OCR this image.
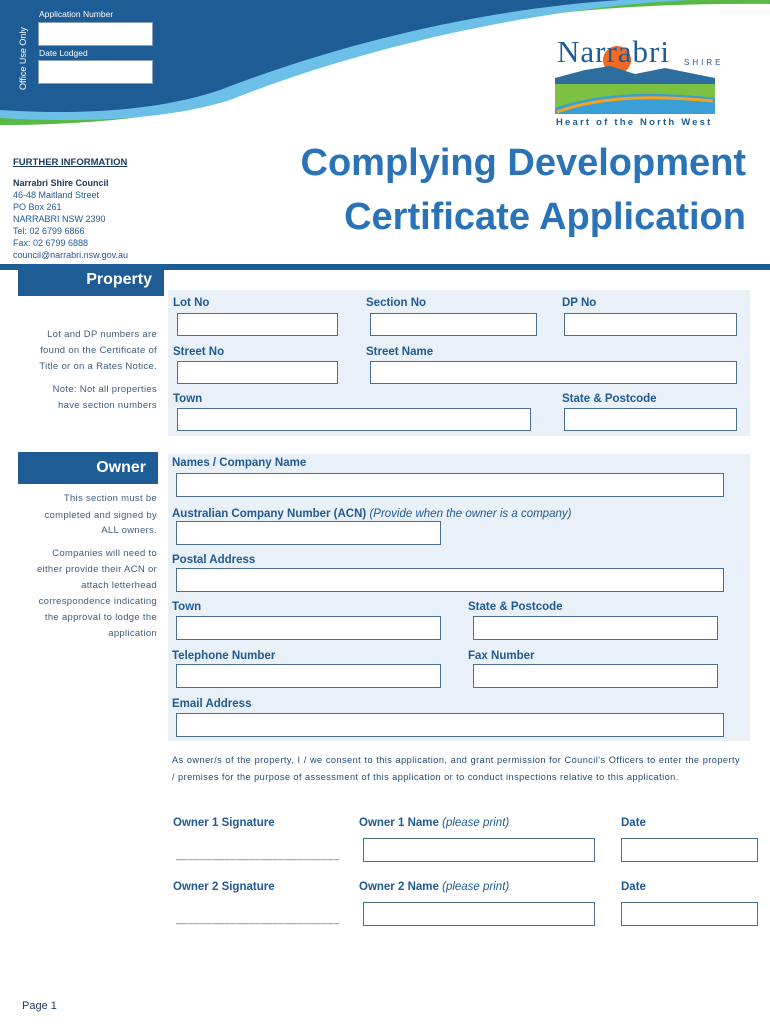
Office Use Only
Application Number
Date Lodged	Narrabri SHIRE
Heart of the North West
FURTHER INFORMATION
Narrabri Shire Council
46-48 Maitland Street
PO Box 261
NARRABRI NSW 2390
Tel: 02 6799 6866
Fax: 02 6799 6888
council@narrabri.nsw.gov.au
Complying Development
Certificate Application
Property
Lot and DP numbers are
found on the Certificate of
Title or on a Rates Notice.
Note: Not all properties
have section numbers
Lot No	Section No	DP No
Street No	Street Name
Town	State & Postcode
Owner
This section must be
completed and signed by
ALL owners.
Companies will need to
either provide their ACN or
attach letterhead
correspondence indicating
the approval to lodge the
application
Names / Company Name
Australian Company Number (ACN) (Provide when the owner is a company)
Postal Address
Town	State & Postcode
Telephone Number	Fax Number
Email Address
As owner/s of the property, I / we consent to this application, and grant permission for Council's Officers to enter the property / premises for the purpose of assessment of this application or to conduct inspections relative to this application.
Owner 1 Signature	Owner 1 Name (please print)	Date
___________________________
Owner 2 Signature	Owner 2 Name (please print)	Date
___________________________
Page 1
